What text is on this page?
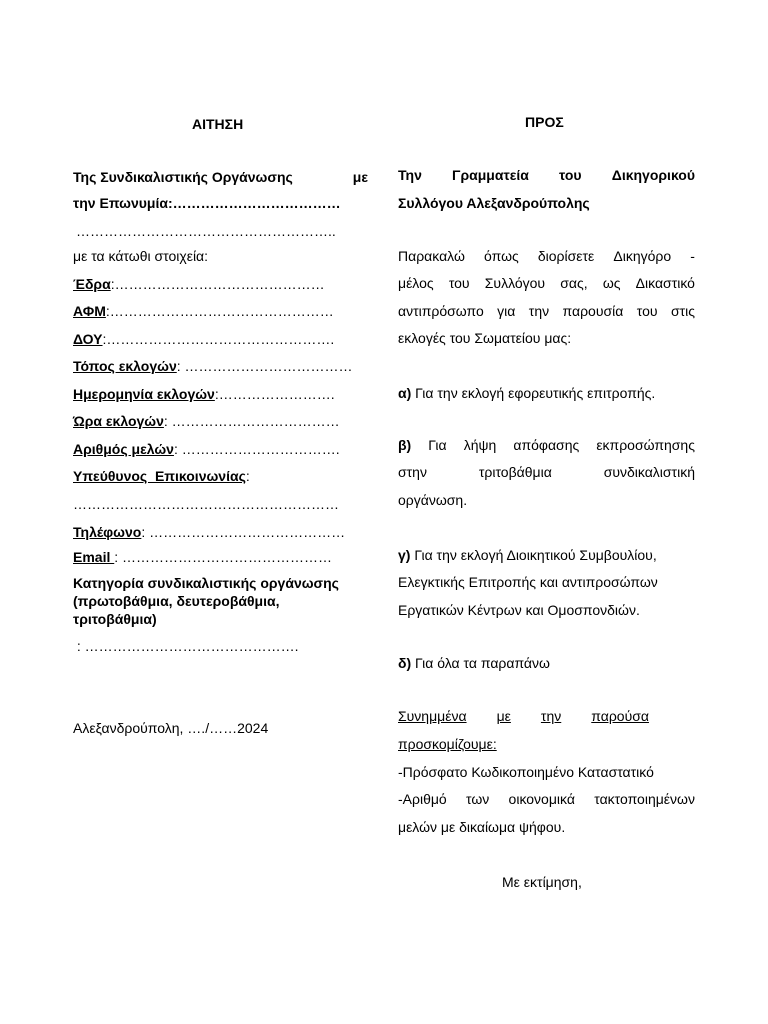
ΑΙΤΗΣΗ
Της Συνδικαλιστικής Οργάνωσης	με
την Επωνυμία:………………………………
………………………………………………..
με τα κάτωθι στοιχεία:
Έδρα:………………………………………
ΑΦΜ:…………………………………………
ΔΟΥ:………………………………………….
Τόπος εκλογών: ………………………………
Ημερομηνία εκλογών:…………………….
Ώρα εκλογών: ………………………………
Αριθμός μελών: …………………………….
Υπεύθυνος  Επικοινωνίας:
…………………………………………………
Τηλέφωνο: ……………………………………
Email : ………………………………………
Κατηγορία συνδικαλιστικής οργάνωσης
(πρωτοβάθμια, δευτεροβάθμια,
τριτοβάθμια)
: ……………………………………….
Αλεξανδρούπολη, …./……2024
ΠΡΟΣ
Την Γραμματεία του Δικηγορικού
Συλλόγου Αλεξανδρούπολης
Παρακαλώ όπως διορίσετε Δικηγόρο -
μέλος του Συλλόγου σας, ως Δικαστικό
αντιπρόσωπο για την παρουσία του στις
εκλογές του Σωματείου μας:
α) Για την εκλογή εφορευτικής επιτροπής.
β) Για λήψη απόφασης εκπροσώπησης
στην	τριτοβάθμια	συνδικαλιστική
οργάνωση.
γ) Για την εκλογή Διοικητικού Συμβουλίου,
Ελεγκτικής Επιτροπής και αντιπροσώπων
Εργατικών Κέντρων και Ομοσπονδιών.
δ) Για όλα τα παραπάνω
Συνημμένα με την παρούσα
προσκομίζουμε:
-Πρόσφατο Κωδικοποιημένο Καταστατικό
-Αριθμό των οικονομικά τακτοποιημένων
μελών με δικαίωμα ψήφου.
Με εκτίμηση,
